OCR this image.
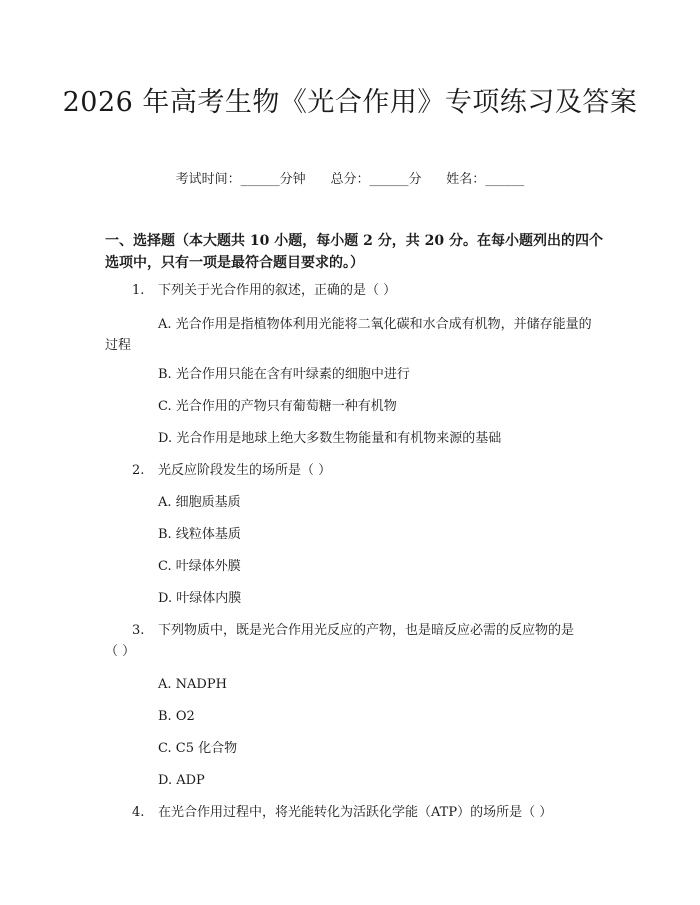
2026 年高考生物《光合作用》专项练习及答案
考试时间：______分钟 总分：______分 姓名：______
一、选择题（本大题共 10 小题，每小题 2 分，共 20 分。在每小题列出的四个选项中，只有一项是最符合题目要求的。）
1. 下列关于光合作用的叙述，正确的是（ ）
A. 光合作用是指植物体利用光能将二氧化碳和水合成有机物，并储存能量的过程
B. 光合作用只能在含有叶绿素的细胞中进行
C. 光合作用的产物只有葡萄糖一种有机物
D. 光合作用是地球上绝大多数生物能量和有机物来源的基础
2. 光反应阶段发生的场所是（ ）
A. 细胞质基质
B. 线粒体基质
C. 叶绿体外膜
D. 叶绿体内膜
3. 下列物质中，既是光合作用光反应的产物，也是暗反应必需的反应物的是（ ）
A. NADPH
B. O2
C. C5 化合物
D. ADP
4. 在光合作用过程中，将光能转化为活跃化学能（ATP）的场所是（ ）
